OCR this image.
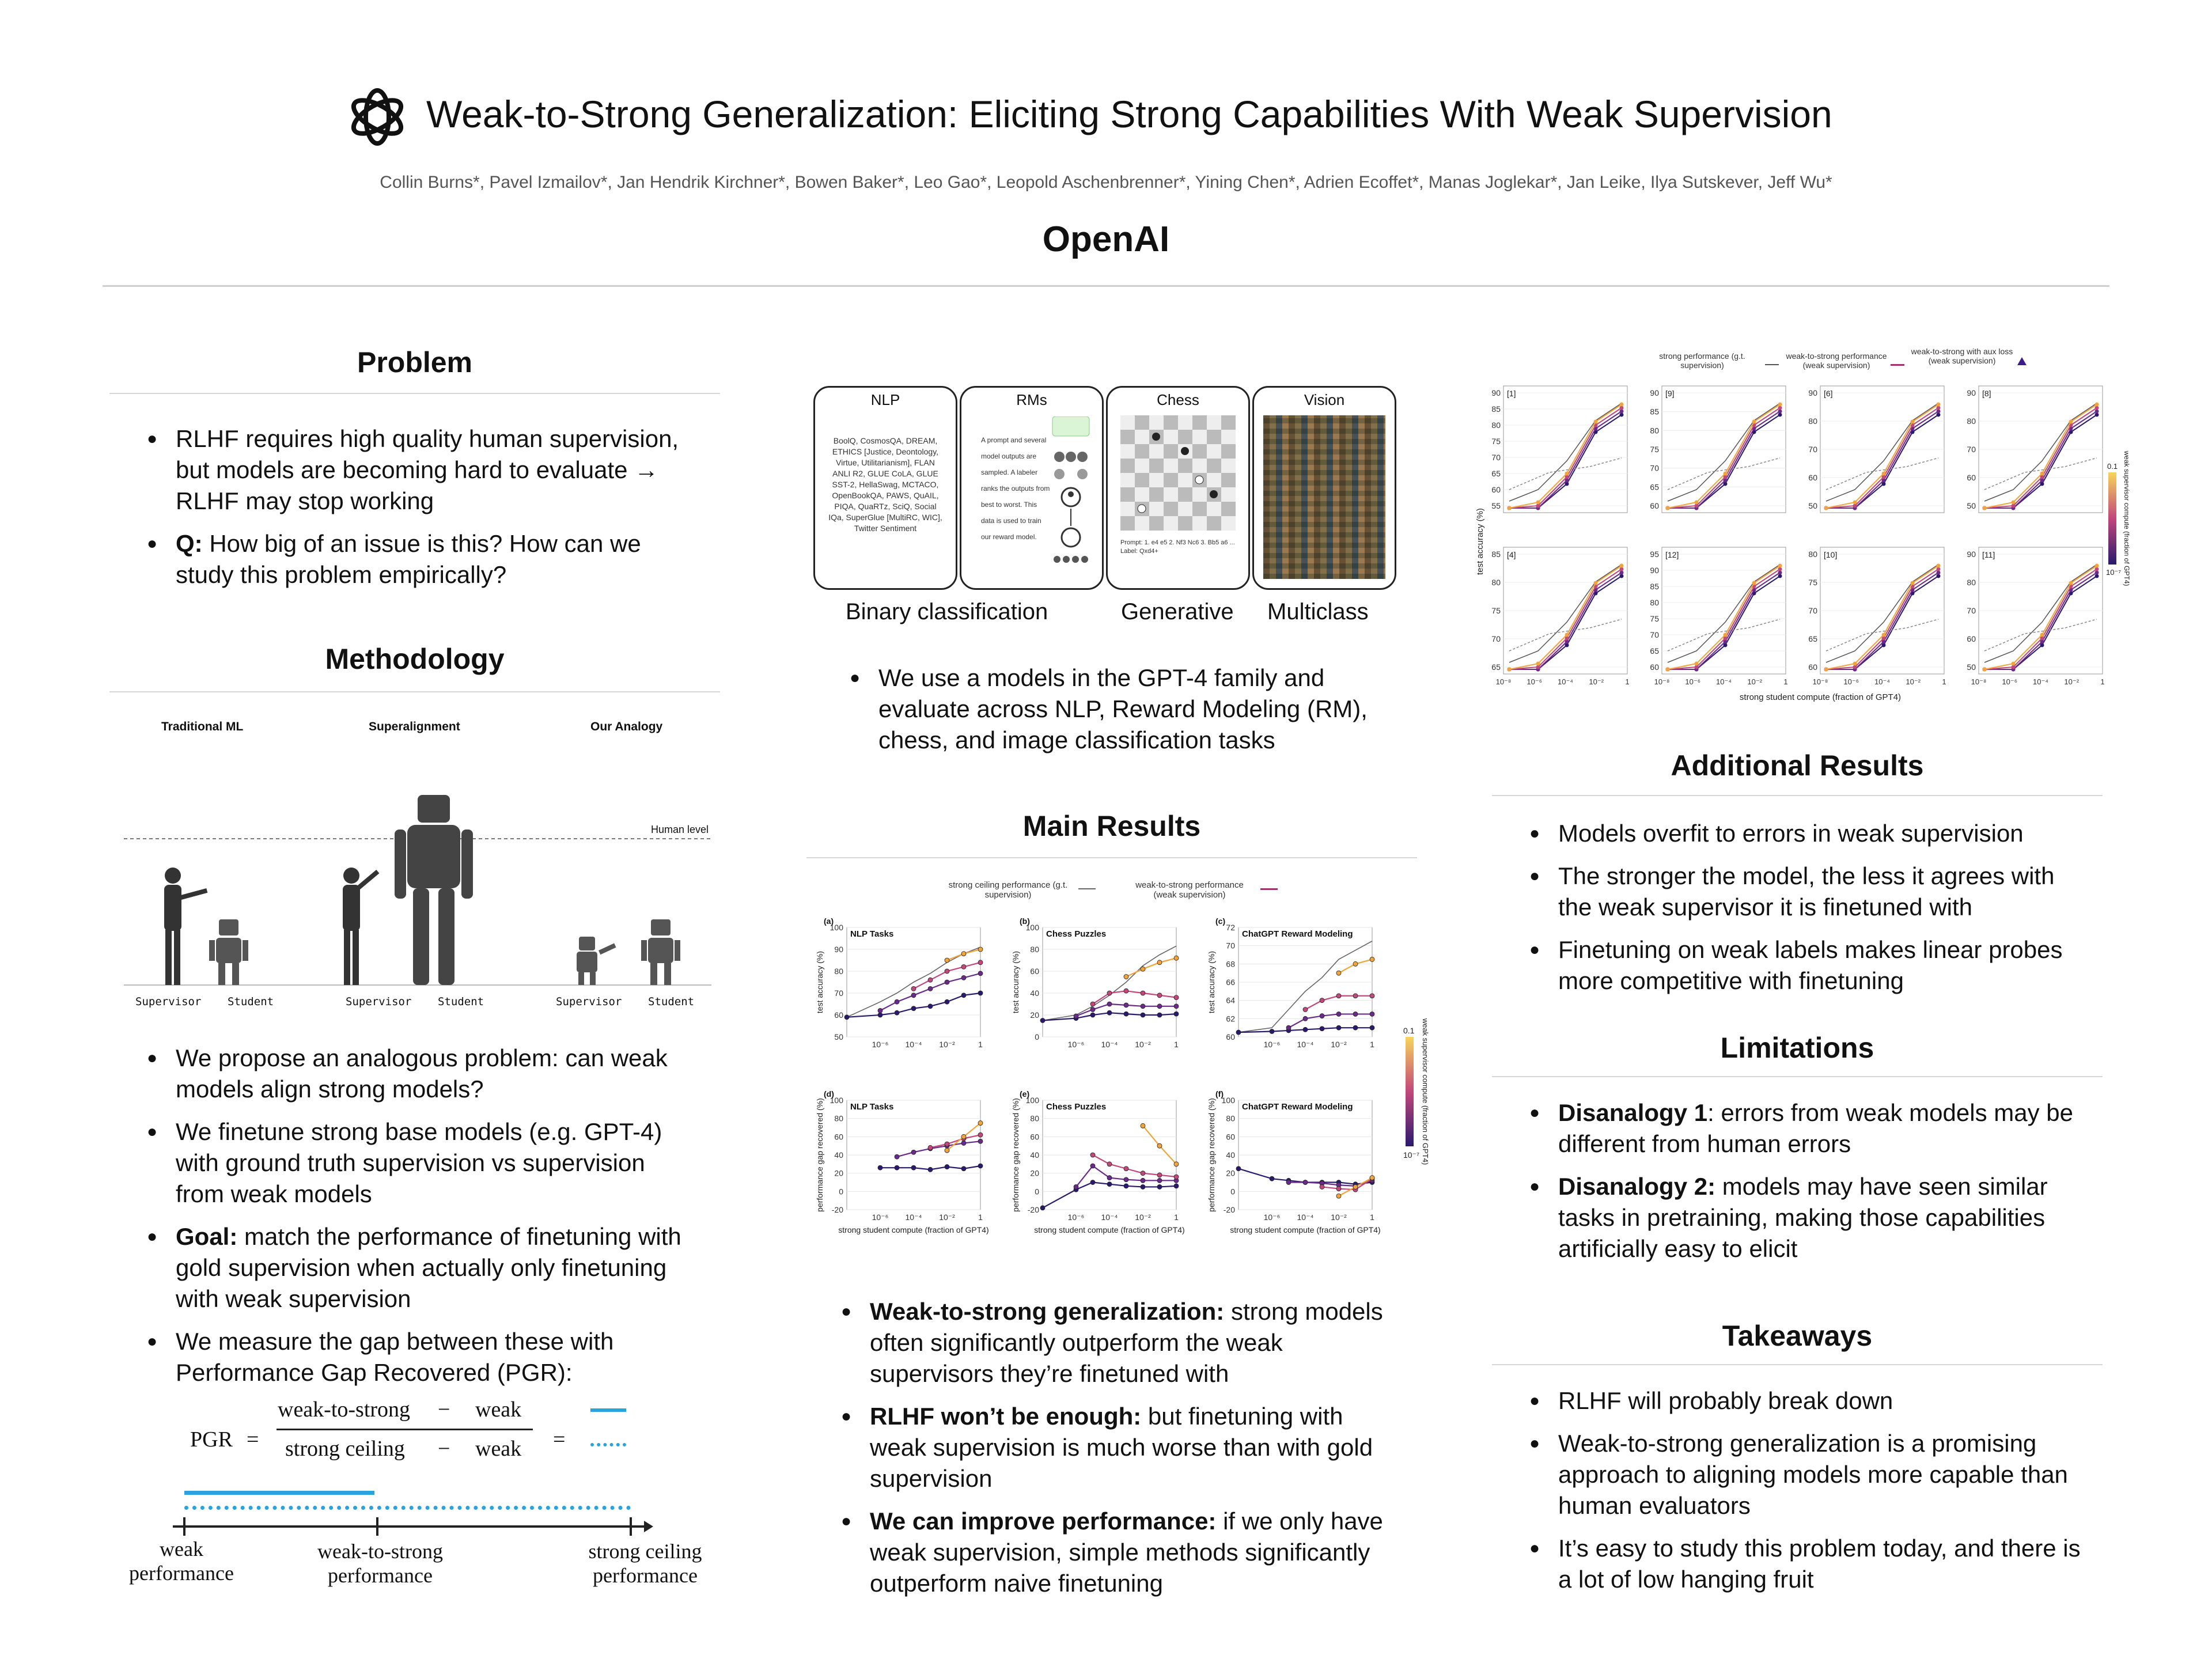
Weak-to-Strong Generalization: Eliciting Strong Capabilities With Weak Supervision
Collin Burns*, Pavel Izmailov*, Jan Hendrik Kirchner*, Bowen Baker*, Leo Gao*, Leopold Aschenbrenner*, Yining Chen*, Adrien Ecoffet*, Manas Joglekar*, Jan Leike, Ilya Sutskever, Jeff Wu*
OpenAI
Problem
● RLHF requires high quality human supervision, but models are becoming hard to evaluate → RLHF may stop working
● Q: How big of an issue is this? How can we study this problem empirically?
Methodology
Traditional ML	Superalignment	Our Analogy
Human level
Supervisor Student	Supervisor Student	Supervisor Student
● We propose an analogous problem: can weak models align strong models?
● We finetune strong base models (e.g. GPT-4) with ground truth supervision vs supervision from weak models
● Goal: match the performance of finetuning with gold supervision when actually only finetuning with weak supervision
● We measure the gap between these with Performance Gap Recovered (PGR):
PGR =
weak-to-strong − weak
strong ceiling − weak =
weak performance
weak-to-strong performance
strong ceiling performance
NLP
BoolQ, CosmosQA, DREAM, ETHICS [Justice, Deontology, Virtue, Utilitarianism], FLAN ANLI R2, GLUE CoLA, GLUE SST-2, HellaSwag, MCTACO, OpenBookQA, PAWS, QuAIL, PIQA, QuaRTz, SciQ, Social IQa, SuperGlue [MultiRC, WIC], Twitter Sentiment
RMs
A prompt and several model outputs are sampled. A labeler ranks the outputs from best to worst. This data is used to train our reward model.
Chess
Prompt: 1. e4 e5 2. Nf3 Nc6 3. Bb5 a6 ... Label: Qxd4+
Vision
Binary classification	Generative Multiclass
● We use a models in the GPT-4 family and evaluate across NLP, Reward Modeling (RM), chess, and image classification tasks
Main Results
strong ceiling performance (g.t. supervision)
weak-to-strong performance (weak supervision)
50
60
70
80
90
100
10⁻⁶ 10⁻⁴ 10⁻²	1
NLP Tasks
(a)
test accuracy (%)
0
20
40
60
80
100
10⁻⁶ 10⁻⁴ 10⁻²	1
Chess Puzzles
(b)
test accuracy (%)
60
62
64
66
68
70
72
10⁻⁶ 10⁻⁴ 10⁻²	1
ChatGPT Reward Modeling
(c)
test accuracy (%)
-20
0
20
40
60
80
100
10⁻⁶ 10⁻⁴ 10⁻²	1
NLP Tasks
(d)
performance gap recovered (%)	-20
0
20
40
60
80
100
10⁻⁶ 10⁻⁴ 10⁻²	1
Chess Puzzles
(e)
performance gap recovered (%)	-20
0
20
40
60
80
100
10⁻⁶ 10⁻⁴ 10⁻²	1
ChatGPT Reward Modeling
(f)
performance gap recovered (%)
strong student compute (fraction of GPT4)	strong student compute (fraction of GPT4)	strong student compute (fraction of GPT4)
0.1
10⁻⁷ weak supervisor compute (fraction of GPT4)
● Weak-to-strong generalization: strong models often significantly outperform the weak supervisors they’re finetuned with
● RLHF won’t be enough: but finetuning with weak supervision is much worse than with gold supervision
● We can improve performance: if we only have weak supervision, simple methods significantly outperform naive finetuning
strong performance (g.t. supervision)
weak-to-strong performance (weak supervision)
weak-to-strong with aux loss (weak supervision)
test accuracy (%)
90
85
80
75
70
65
60
55
[1]	90
85
80
75
70
65
60
[9]	90
80
70
60
50
[6]	90
80
70
60
50
[8]
85
80
75
70
65
[4]
10⁻⁸ 10⁻⁶ 10⁻⁴ 10⁻²	1
95
90
85
80
75
70
65
60
[12]
10⁻⁸ 10⁻⁶ 10⁻⁴ 10⁻²	1
80
75
70
65
60
[10]
10⁻⁸ 10⁻⁶ 10⁻⁴ 10⁻²	1
90
80
70
60
50
[11]
10⁻⁸ 10⁻⁶ 10⁻⁴ 10⁻²	1
strong student compute (fraction of GPT4)
0.1
10⁻⁷ weak supervisor compute (fraction of GPT4)
Additional Results
● Models overfit to errors in weak supervision
● The stronger the model, the less it agrees with the weak supervisor it is finetuned with
● Finetuning on weak labels makes linear probes more competitive with finetuning
Limitations
● Disanalogy 1: errors from weak models may be different from human errors
● Disanalogy 2: models may have seen similar tasks in pretraining, making those capabilities artificially easy to elicit
Takeaways
● RLHF will probably break down
● Weak-to-strong generalization is a promising approach to aligning models more capable than human evaluators
● It’s easy to study this problem today, and there is a lot of low hanging fruit
